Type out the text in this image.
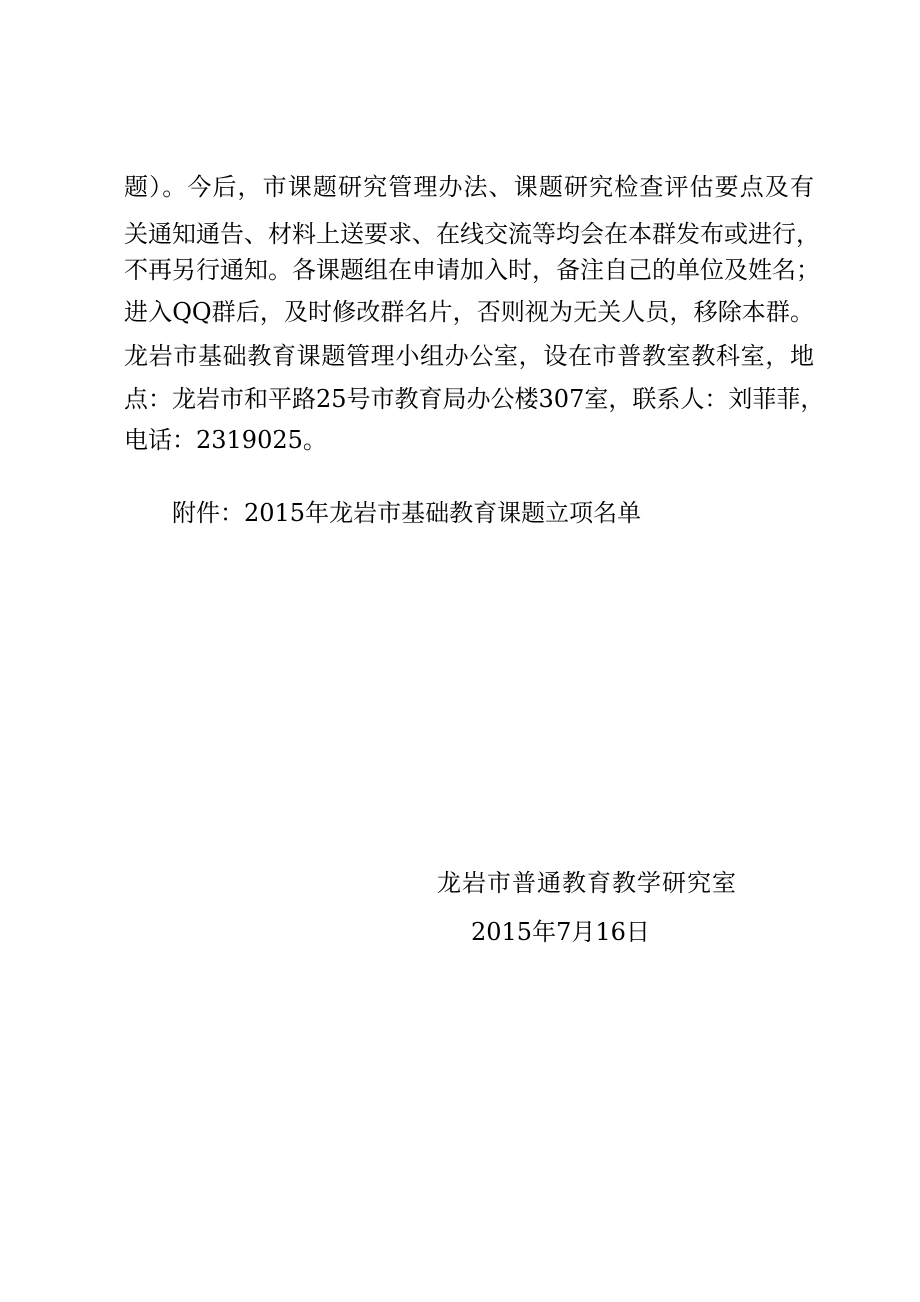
题）。今后，市课题研究管理办法、课题研究检查评估要点及有
关通知通告、材料上送要求、在线交流等均会在本群发布或进行，
不再另行通知。各课题组在申请加入时，备注自己的单位及姓名；
进入QQ群后，及时修改群名片，否则视为无关人员，移除本群。
龙岩市基础教育课题管理小组办公室，设在市普教室教科室，地
点：龙岩市和平路25号市教育局办公楼307室，联系人：刘菲菲，
电话：2319025。
附件：2015年龙岩市基础教育课题立项名单
龙岩市普通教育教学研究室
2015年7月16日
